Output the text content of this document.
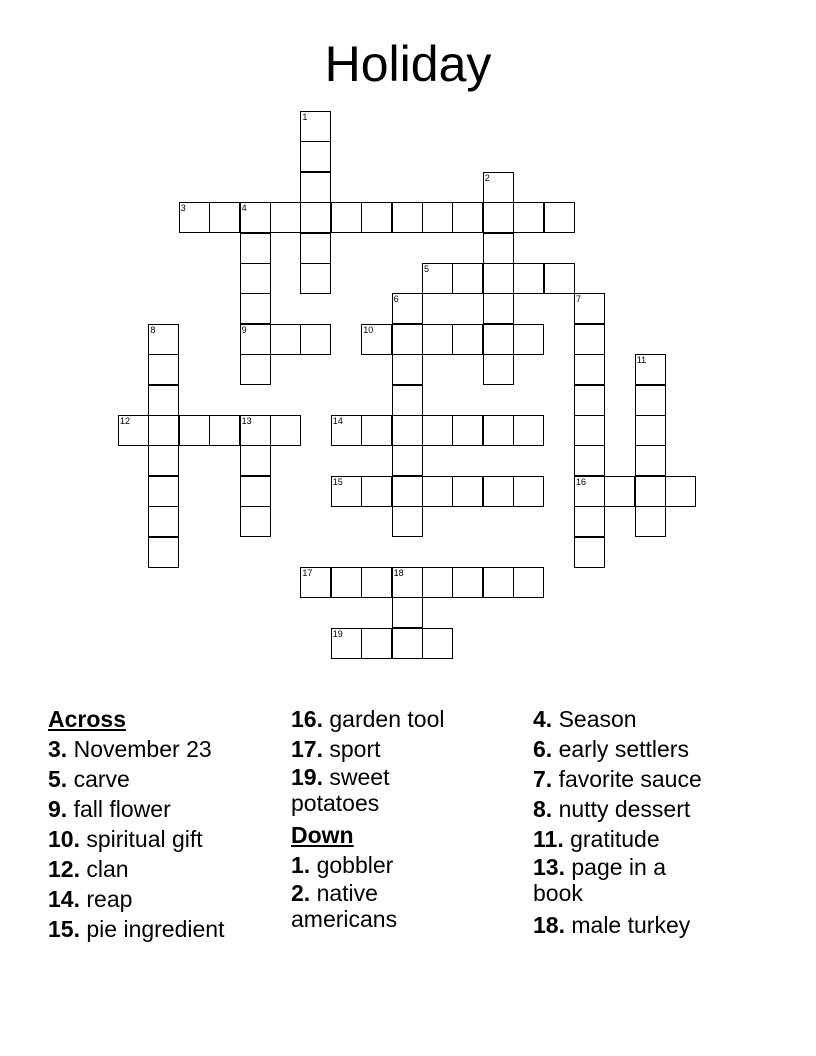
Holiday
1
2
3	4
5
6	7
8	9	10
11
12	13	14
15	16
17	18
19
Across
3. November 23
5. carve
9. fall flower
10. spiritual gift
12. clan
14. reap
15. pie ingredient
16. garden tool
17. sport
19. sweet potatoes
Down
1. gobbler
2. native americans
4. Season
6. early settlers
7. favorite sauce
8. nutty dessert
11. gratitude
13. page in a book
18. male turkey
